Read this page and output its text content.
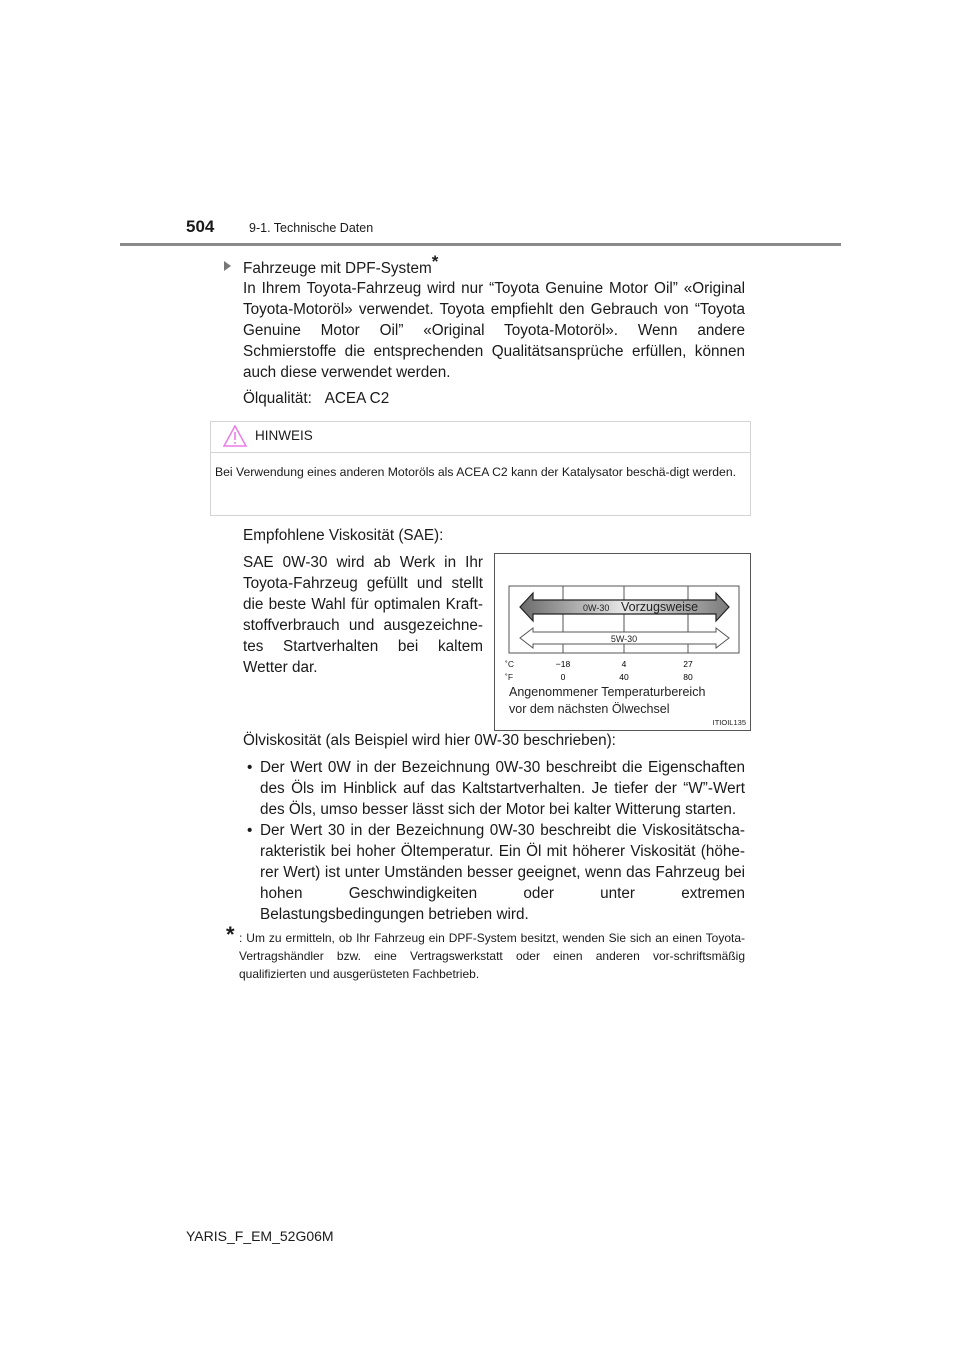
504	9-1. Technische Daten
Fahrzeuge mit DPF-System*
In Ihrem Toyota-Fahrzeug wird nur “Toyota Genuine Motor Oil” «Original Toyota-Motoröl» verwendet. Toyota empfiehlt den Gebrauch von “Toyota Genuine Motor Oil” «Original Toyota-Motoröl». Wenn andere Schmierstoffe die entsprechenden Qualitätsansprüche erfüllen, können auch diese verwendet werden.
Ölqualität: ACEA C2
HINWEIS
Bei Verwendung eines anderen Motoröls als ACEA C2 kann der Katalysator beschä-digt werden.
Empfohlene Viskosität (SAE):
SAE 0W-30 wird ab Werk in Ihr Toyota-Fahrzeug gefüllt und stellt die beste Wahl für optimalen Kraft-stoffverbrauch und ausgezeichne-tes Startverhalten bei kaltem Wetter dar.
0W-30 Vorzugsweise
5W-30
˚C
˚F
−18	4	27
0	40	80
Angenommener Temperaturbereich
vor dem nächsten Ölwechsel
ITIOIL135
Ölviskosität (als Beispiel wird hier 0W-30 beschrieben):
• Der Wert 0W in der Bezeichnung 0W-30 beschreibt die Eigenschaften des Öls im Hinblick auf das Kaltstartverhalten. Je tiefer der “W”-Wert des Öls, umso besser lässt sich der Motor bei kalter Witterung starten.
• Der Wert 30 in der Bezeichnung 0W-30 beschreibt die Viskositätscha-rakteristik bei hoher Öltemperatur. Ein Öl mit höherer Viskosität (höhe-rer Wert) ist unter Umständen besser geeignet, wenn das Fahrzeug bei hohen Geschwindigkeiten oder unter extremen Belastungsbedingungen betrieben wird.
* : Um zu ermitteln, ob Ihr Fahrzeug ein DPF-System besitzt, wenden Sie sich an einen Toyota-Vertragshändler bzw. eine Vertragswerkstatt oder einen anderen vor-schriftsmäßig qualifizierten und ausgerüsteten Fachbetrieb.
YARIS_F_EM_52G06M
